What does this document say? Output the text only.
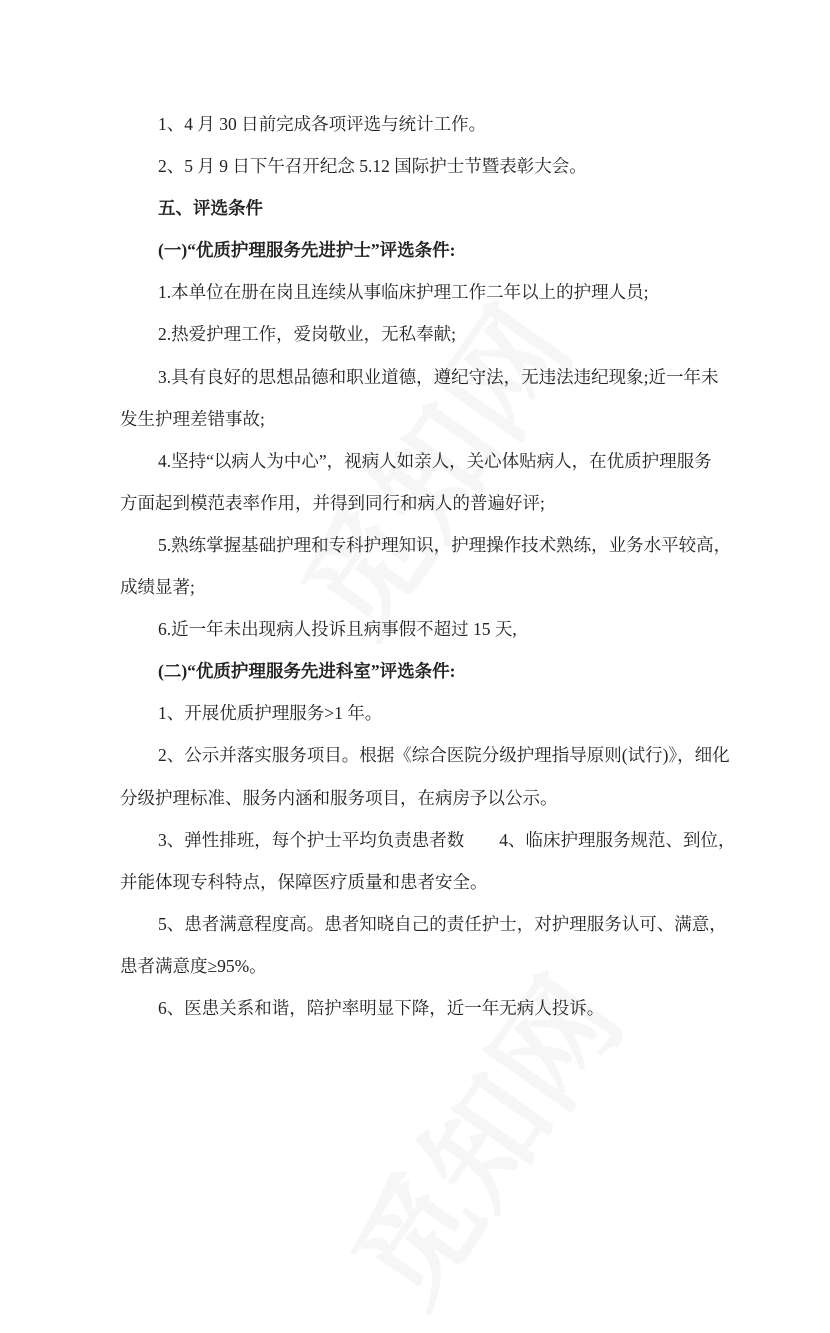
1、4 月 30 日前完成各项评选与统计工作。
2、5 月 9 日下午召开纪念 5.12 国际护士节暨表彰大会。
五、评选条件
(一)“优质护理服务先进护士”评选条件:
1.本单位在册在岗且连续从事临床护理工作二年以上的护理人员;
2.热爱护理工作，爱岗敬业，无私奉献;
3.具有良好的思想品德和职业道德，遵纪守法，无违法违纪现象;近一年未
发生护理差错事故;
4.坚持“以病人为中心”，视病人如亲人，关心体贴病人，在优质护理服务
方面起到模范表率作用，并得到同行和病人的普遍好评;
5.熟练掌握基础护理和专科护理知识，护理操作技术熟练，业务水平较高，
成绩显著;
6.近一年未出现病人投诉且病事假不超过 15 天,
(二)“优质护理服务先进科室”评选条件:
1、开展优质护理服务>1 年。
2、公示并落实服务项目。根据《综合医院分级护理指导原则(试行)》，细化
分级护理标准、服务内涵和服务项目，在病房予以公示。
3、弹性排班，每个护士平均负责患者数　　4、临床护理服务规范、到位，
并能体现专科特点，保障医疗质量和患者安全。
5、患者满意程度高。患者知晓自己的责任护士，对护理服务认可、满意，
患者满意度≥95%。
6、医患关系和谐，陪护率明显下降，近一年无病人投诉。
